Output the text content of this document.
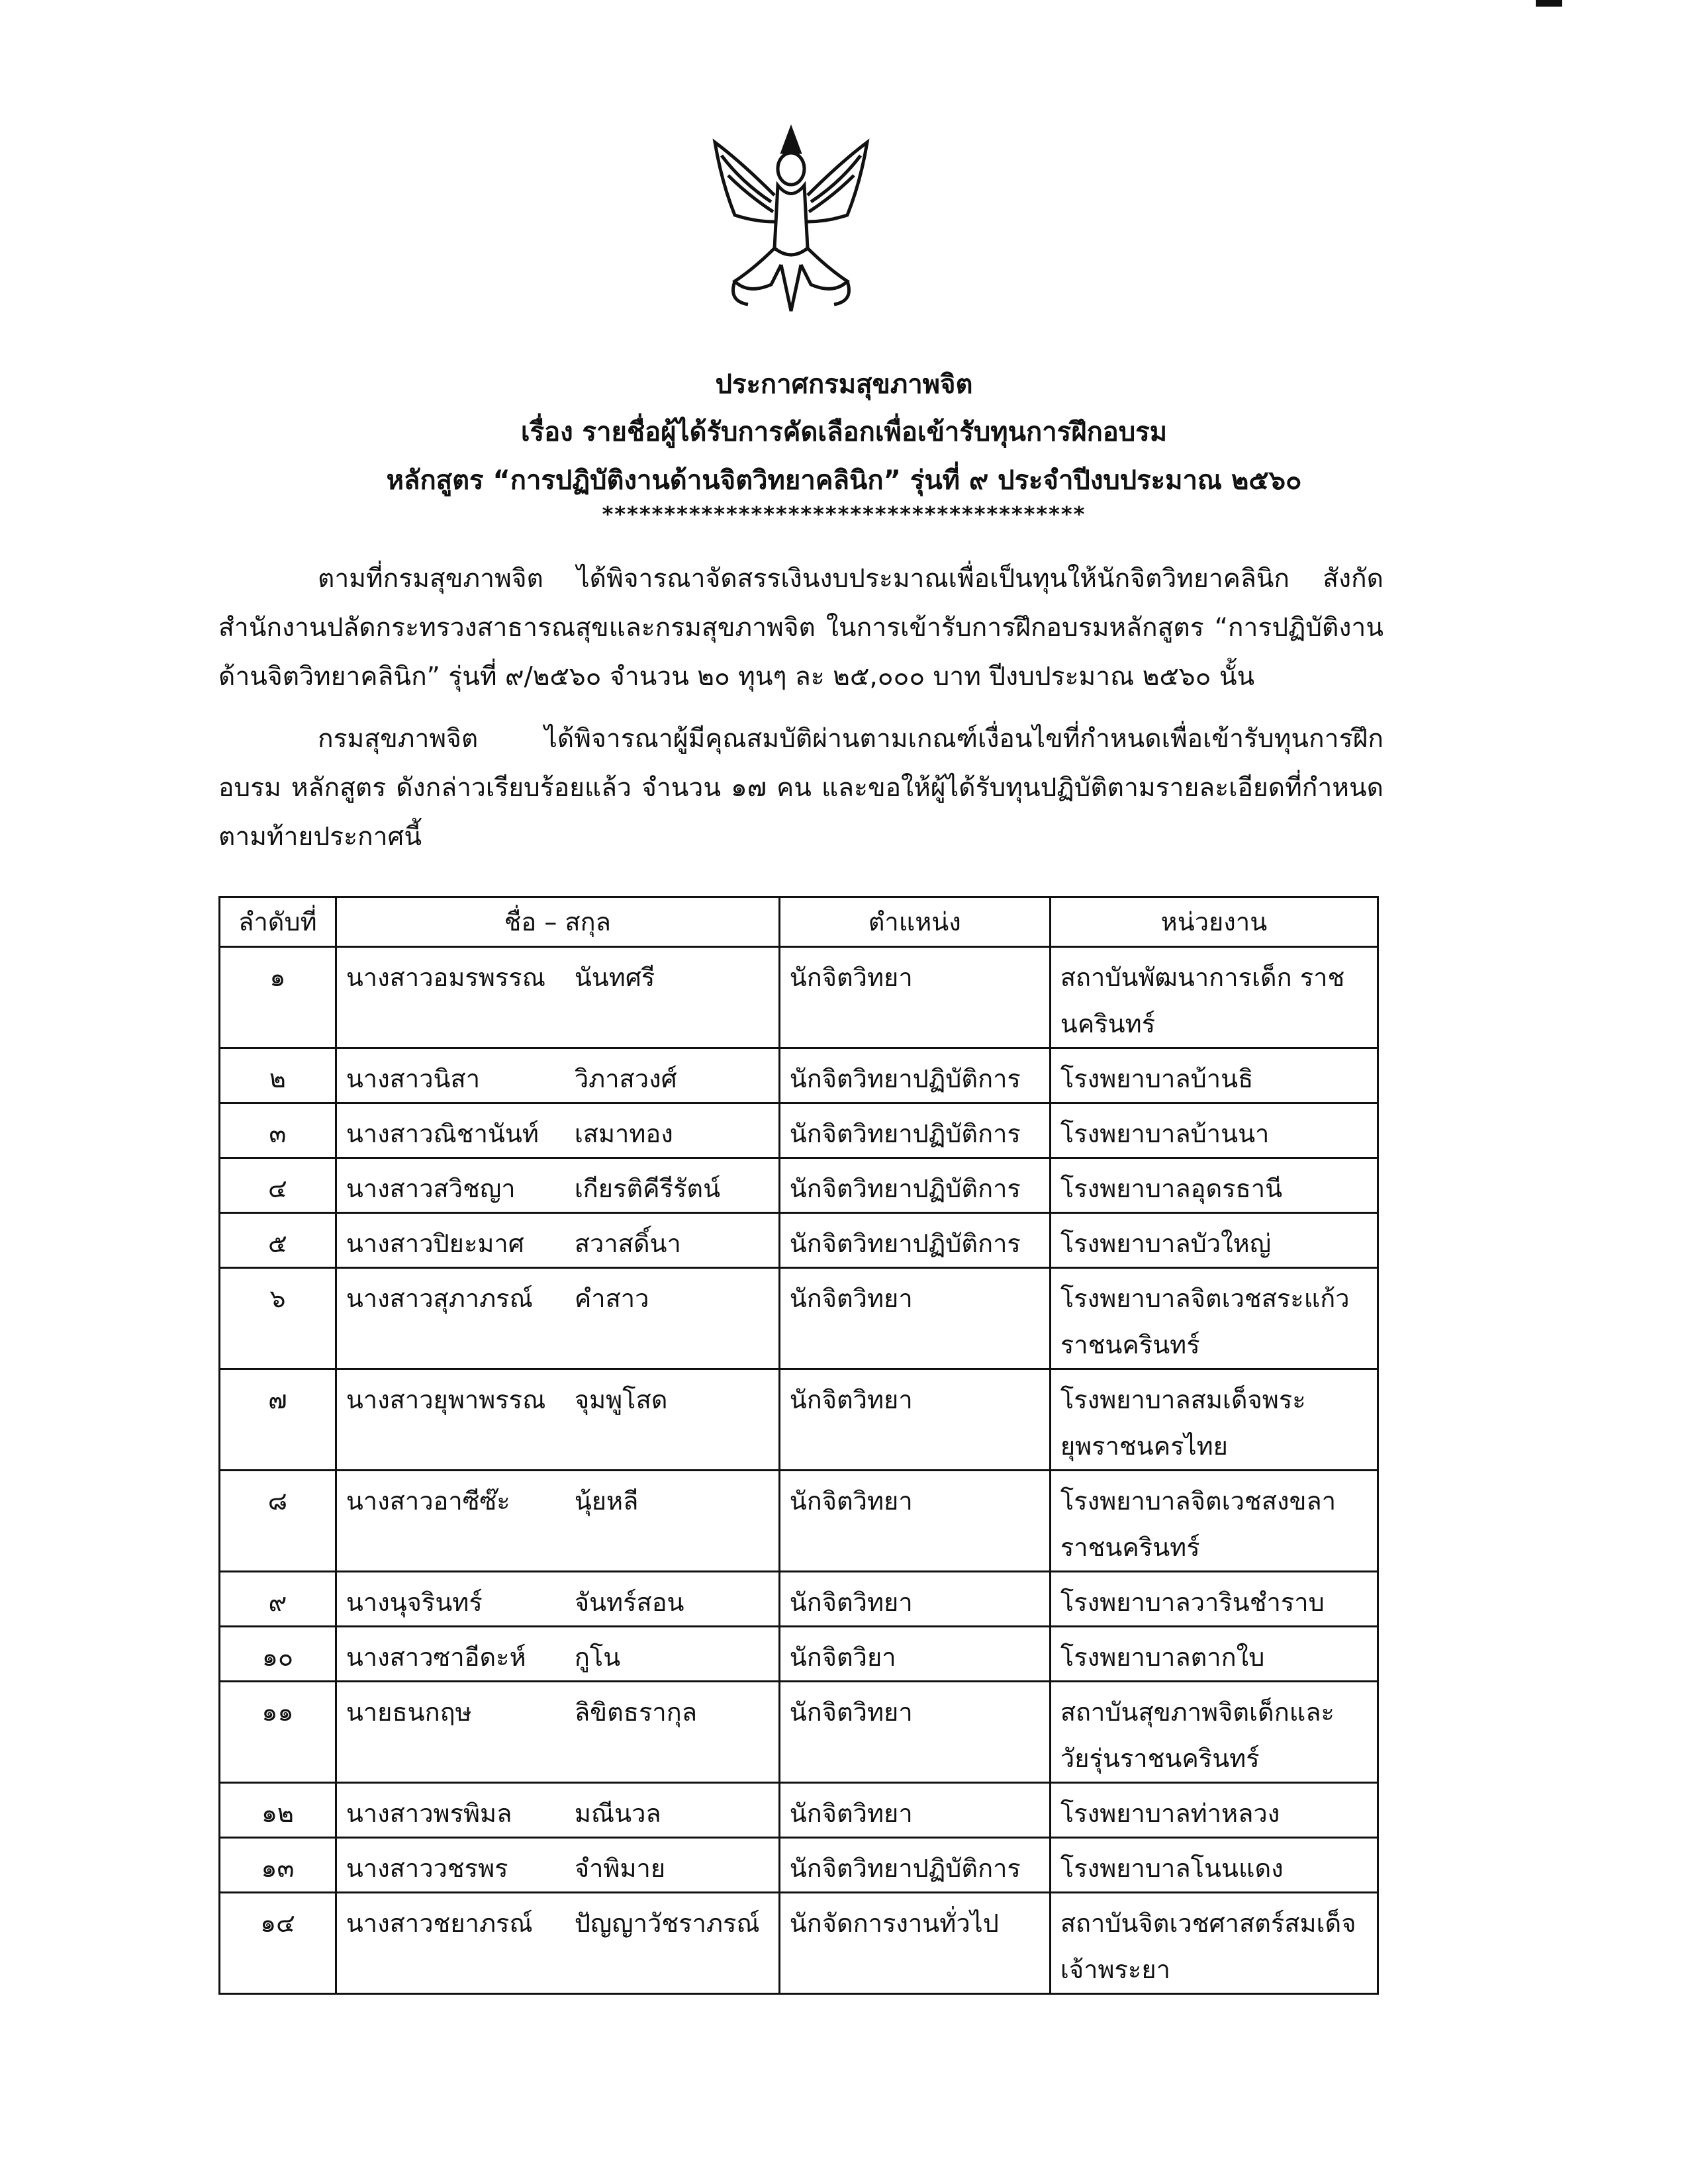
ประกาศกรมสุขภาพจิต
เรื่อง รายชื่อผู้ได้รับการคัดเลือกเพื่อเข้ารับทุนการฝึกอบรม
หลักสูตร “การปฏิบัติงานด้านจิตวิทยาคลินิก” รุ่นที่ ๙ ประจำปีงบประมาณ ๒๕๖๐
***************************************
ตามที่กรมสุขภาพจิต ได้พิจารณาจัดสรรเงินงบประมาณเพื่อเป็นทุนให้นักจิตวิทยาคลินิก สังกัดสำนักงานปลัดกระทรวงสาธารณสุขและกรมสุขภาพจิต ในการเข้ารับการฝึกอบรมหลักสูตร “การปฏิบัติงานด้านจิตวิทยาคลินิก” รุ่นที่ ๙/๒๕๖๐ จำนวน ๒๐ ทุนๆ ละ ๒๕,๐๐๐ บาท ปีงบประมาณ ๒๕๖๐ นั้น
กรมสุขภาพจิต ได้พิจารณาผู้มีคุณสมบัติผ่านตามเกณฑ์เงื่อนไขที่กำหนดเพื่อเข้ารับทุนการฝึกอบรม หลักสูตร ดังกล่าวเรียบร้อยแล้ว จำนวน ๑๗ คน และขอให้ผู้ได้รับทุนปฏิบัติตามรายละเอียดที่กำหนด ตามท้ายประกาศนี้
ลำดับที่	ชื่อ – สกุล	ตำแหน่ง	หน่วยงาน
๑	นางสาวอมรพรรณ นันทศรี	นักจิตวิทยา	สถาบันพัฒนาการเด็ก ราชนครินทร์
๒	นางสาวนิสา วิภาสวงศ์	นักจิตวิทยาปฏิบัติการ	โรงพยาบาลบ้านธิ
๓	นางสาวณิชานันท์ เสมาทอง	นักจิตวิทยาปฏิบัติการ	โรงพยาบาลบ้านนา
๔	นางสาวสวิชญา เกียรติคีรีรัตน์	นักจิตวิทยาปฏิบัติการ	โรงพยาบาลอุดรธานี
๕	นางสาวปิยะมาศ สวาสดิ์นา	นักจิตวิทยาปฏิบัติการ	โรงพยาบาลบัวใหญ่
๖	นางสาวสุภาภรณ์ คำสาว	นักจิตวิทยา	โรงพยาบาลจิตเวชสระแก้ว ราชนครินทร์
๗	นางสาวยุพาพรรณ จุมพูโสด	นักจิตวิทยา	โรงพยาบาลสมเด็จพระ ยุพราชนครไทย
๘	นางสาวอาซีซ๊ะ นุ้ยหลี	นักจิตวิทยา	โรงพยาบาลจิตเวชสงขลา ราชนครินทร์
๙	นางนุจรินทร์ จันทร์สอน	นักจิตวิทยา	โรงพยาบาลวารินชำราบ
๑๐	นางสาวซาอีดะห์ กูโน	นักจิตวิยา	โรงพยาบาลตากใบ
๑๑	นายธนกฤษ ลิขิตธรากุล	นักจิตวิทยา	สถาบันสุขภาพจิตเด็กและ วัยรุ่นราชนครินทร์
๑๒	นางสาวพรพิมล มณีนวล	นักจิตวิทยา	โรงพยาบาลท่าหลวง
๑๓	นางสาววชรพร จำพิมาย	นักจิตวิทยาปฏิบัติการ	โรงพยาบาลโนนแดง
๑๔	นางสาวชยาภรณ์ ปัญญาวัชราภรณ์	นักจัดการงานทั่วไป	สถาบันจิตเวชศาสตร์สมเด็จ เจ้าพระยา
